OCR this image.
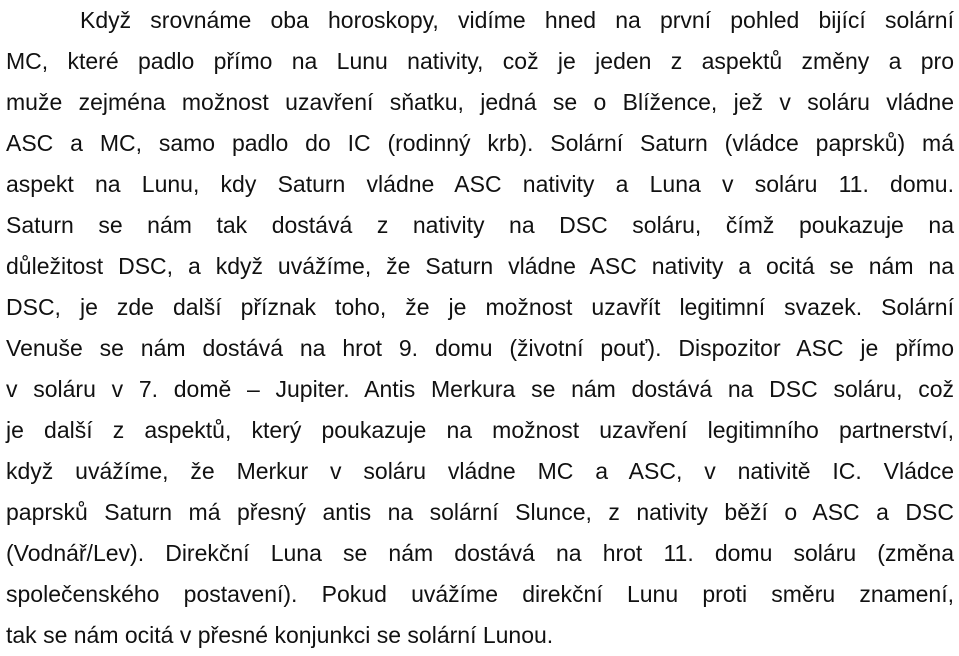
Když srovnáme oba horoskopy, vidíme hned na první pohled bijící solární
MC, které padlo přímo na Lunu nativity, což je jeden z aspektů změny a pro
muže zejména možnost uzavření sňatku, jedná se o Blížence, jež v soláru vládne
ASC a MC, samo padlo do IC (rodinný krb). Solární Saturn (vládce paprsků) má
aspekt na Lunu, kdy Saturn vládne ASC nativity a Luna v soláru 11. domu.
Saturn se nám tak dostává z nativity na DSC soláru, čímž poukazuje na
důležitost DSC, a když uvážíme, že Saturn vládne ASC nativity a ocitá se nám na
DSC, je zde další příznak toho, že je možnost uzavřít legitimní svazek. Solární
Venuše se nám dostává na hrot 9. domu (životní pouť). Dispozitor ASC je přímo
v soláru v 7. domě – Jupiter. Antis Merkura se nám dostává na DSC soláru, což
je další z aspektů, který poukazuje na možnost uzavření legitimního partnerství,
když uvážíme, že Merkur v soláru vládne MC a ASC, v nativitě IC. Vládce
paprsků Saturn má přesný antis na solární Slunce, z nativity běží o ASC a DSC
(Vodnář/Lev). Direkční Luna se nám dostává na hrot 11. domu soláru (změna
společenského postavení). Pokud uvážíme direkční Lunu proti směru znamení,
tak se nám ocitá v přesné konjunkci se solární Lunou.
